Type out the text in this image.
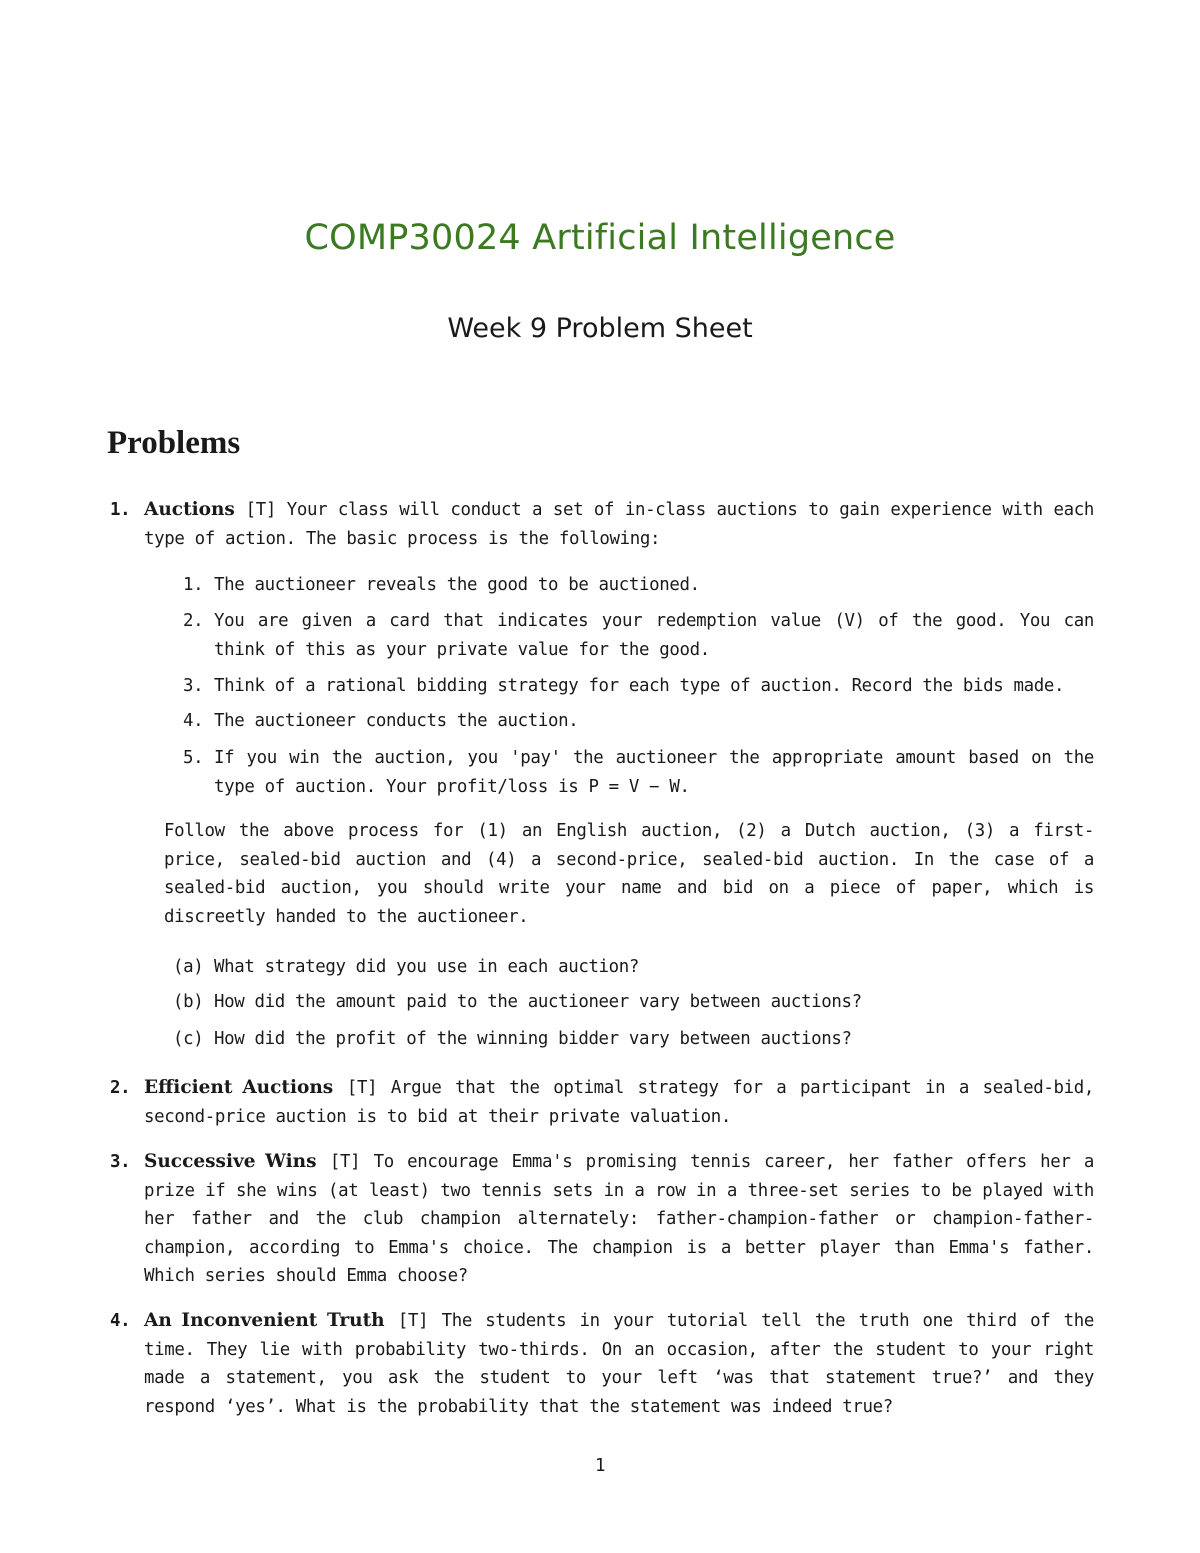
COMP30024 Artificial Intelligence
Week 9 Problem Sheet
Problems
1. Auctions [T] Your class will conduct a set of in-class auctions to gain experience with each type of action. The basic process is the following:
1. The auctioneer reveals the good to be auctioned.
2. You are given a card that indicates your redemption value (V) of the good. You can think of this as your private value for the good.
3. Think of a rational bidding strategy for each type of auction. Record the bids made.
4. The auctioneer conducts the auction.
5. If you win the auction, you 'pay' the auctioneer the appropriate amount based on the type of auction. Your profit/loss is P = V − W.
Follow the above process for (1) an English auction, (2) a Dutch auction, (3) a first-price, sealed-bid auction and (4) a second-price, sealed-bid auction. In the case of a sealed-bid auction, you should write your name and bid on a piece of paper, which is discreetly handed to the auctioneer.
(a) What strategy did you use in each auction?
(b) How did the amount paid to the auctioneer vary between auctions?
(c) How did the profit of the winning bidder vary between auctions?
2. Efficient Auctions [T] Argue that the optimal strategy for a participant in a sealed-bid, second-price auction is to bid at their private valuation.
3. Successive Wins [T] To encourage Emma's promising tennis career, her father offers her a prize if she wins (at least) two tennis sets in a row in a three-set series to be played with her father and the club champion alternately: father-champion-father or champion-father-champion, according to Emma's choice. The champion is a better player than Emma's father. Which series should Emma choose?
4. An Inconvenient Truth [T] The students in your tutorial tell the truth one third of the time. They lie with probability two-thirds. On an occasion, after the student to your right made a statement, you ask the student to your left ‘was that statement true?’ and they respond ‘yes’. What is the probability that the statement was indeed true?
1
